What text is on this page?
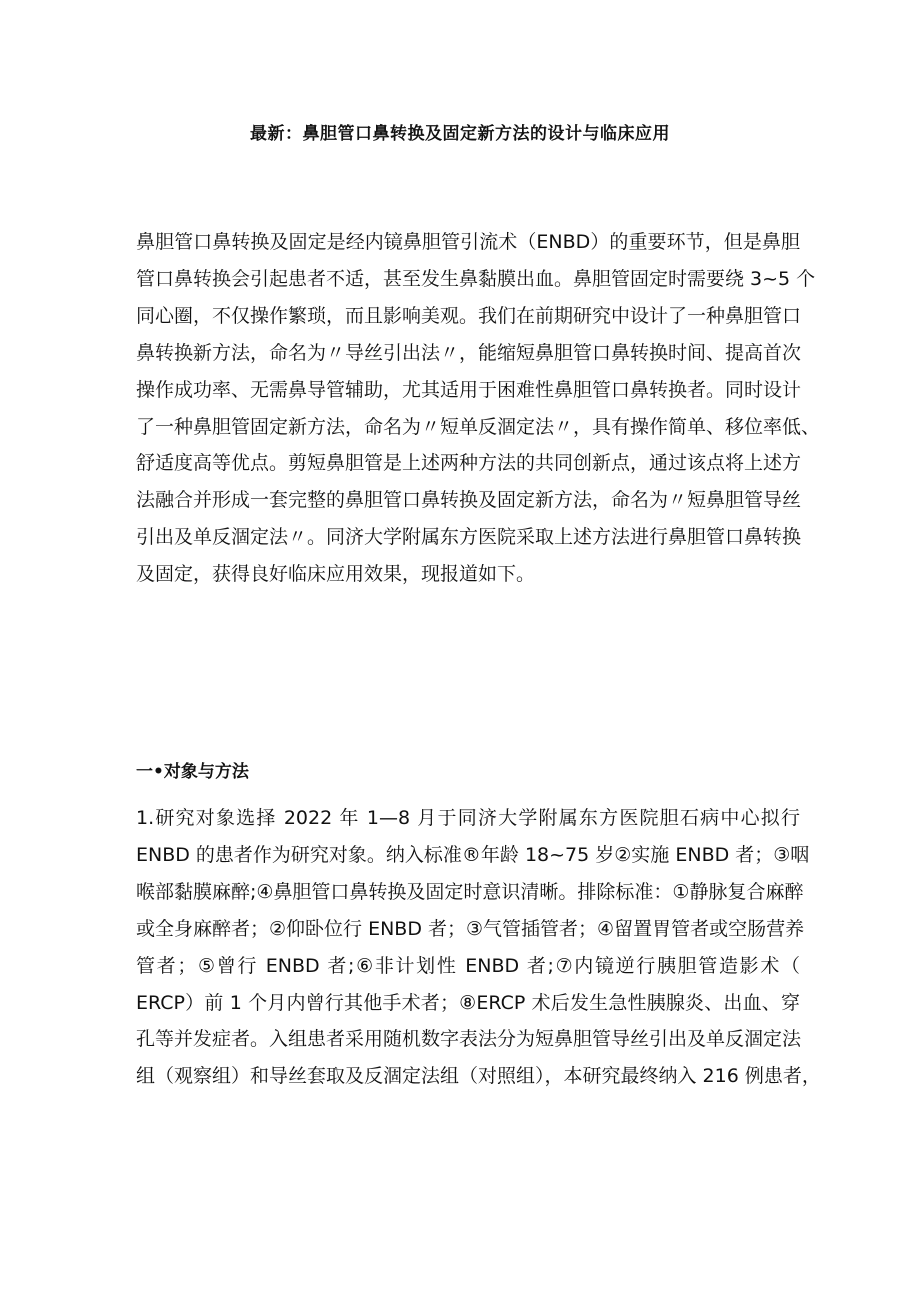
最新：鼻胆管口鼻转换及固定新方法的设计与临床应用
鼻胆管口鼻转换及固定是经内镜鼻胆管引流术（ENBD）的重要环节，但是鼻胆
管口鼻转换会引起患者不适，甚至发生鼻黏膜出血。鼻胆管固定时需要绕 3~5 个
同心圈，不仅操作繁琐，而且影响美观。我们在前期研究中设计了一种鼻胆管口
鼻转换新方法，命名为〃导丝引出法〃，能缩短鼻胆管口鼻转换时间、提高首次
操作成功率、无需鼻导管辅助，尤其适用于困难性鼻胆管口鼻转换者。同时设计
了一种鼻胆管固定新方法，命名为〃短单反涸定法〃，具有操作简单、移位率低、
舒适度高等优点。剪短鼻胆管是上述两种方法的共同创新点，通过该点将上述方
法融合并形成一套完整的鼻胆管口鼻转换及固定新方法，命名为〃短鼻胆管导丝
引出及单反涸定法〃。同济大学附属东方医院采取上述方法进行鼻胆管口鼻转换
及固定，获得良好临床应用效果，现报道如下。
一•对象与方法
1.研究对象选择 2022 年 1—8 月于同济大学附属东方医院胆石病中心拟行
ENBD 的患者作为研究对象。纳入标准®年龄 18~75 岁②实施 ENBD 者；③咽
喉部黏膜麻醉;④鼻胆管口鼻转换及固定时意识清晰。排除标准：①静脉复合麻醉
或全身麻醉者；②仰卧位行 ENBD 者；③气管插管者；④留置胃管者或空肠营养
管者；⑤曾行 ENBD 者;⑥非计划性 ENBD 者;⑦内镜逆行胰胆管造影术（
ERCP）前 1 个月内曾行其他手术者；⑧ERCP 术后发生急性胰腺炎、出血、穿
孔等并发症者。入组患者采用随机数字表法分为短鼻胆管导丝引出及单反涸定法
组（观察组）和导丝套取及反涸定法组（对照组），本研究最终纳入 216 例患者，
